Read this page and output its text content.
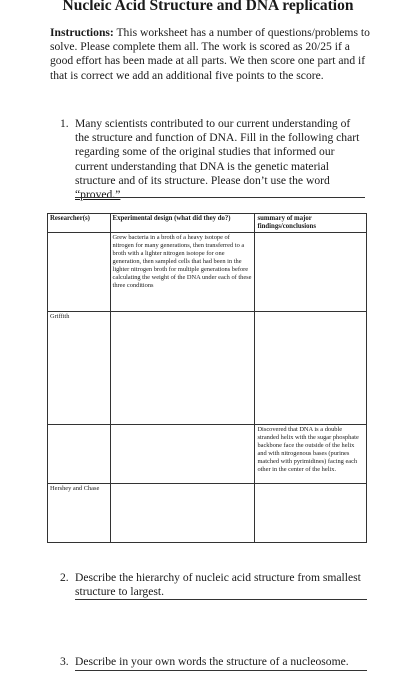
Nucleic Acid Structure and DNA replication
Instructions: This worksheet has a number of questions/problems to solve. Please complete them all. The work is scored as 20/25 if a good effort has been made at all parts. We then score one part and if that is correct we add an additional five points to the score.
1. Many scientists contributed to our current understanding of the structure and function of DNA. Fill in the following chart regarding some of the original studies that informed our current understanding that DNA is the genetic material structure and of its structure. Please don’t use the word “proved.”
Researcher(s)	Experimental design (what did they do?)	summary of major findings/conclusions
	Grew bacteria in a broth of a heavy isotope of nitrogen for many generations, then transferred to a broth with a lighter nitrogen isotope for one generation, then sampled cells that had been in the lighter nitrogen broth for multiple generations before calculating the weight of the DNA under each of these three conditions	
Griffith		
		Discovered that DNA is a double stranded helix with the sugar phosphate backbone face the outside of the helix and with nitrogenous bases (purines matched with pyrimidines) facing each other in the center of the helix.
Hershey and Chase		
2. Describe the hierarchy of nucleic acid structure from smallest structure to largest.
3. Describe in your own words the structure of a nucleosome.
